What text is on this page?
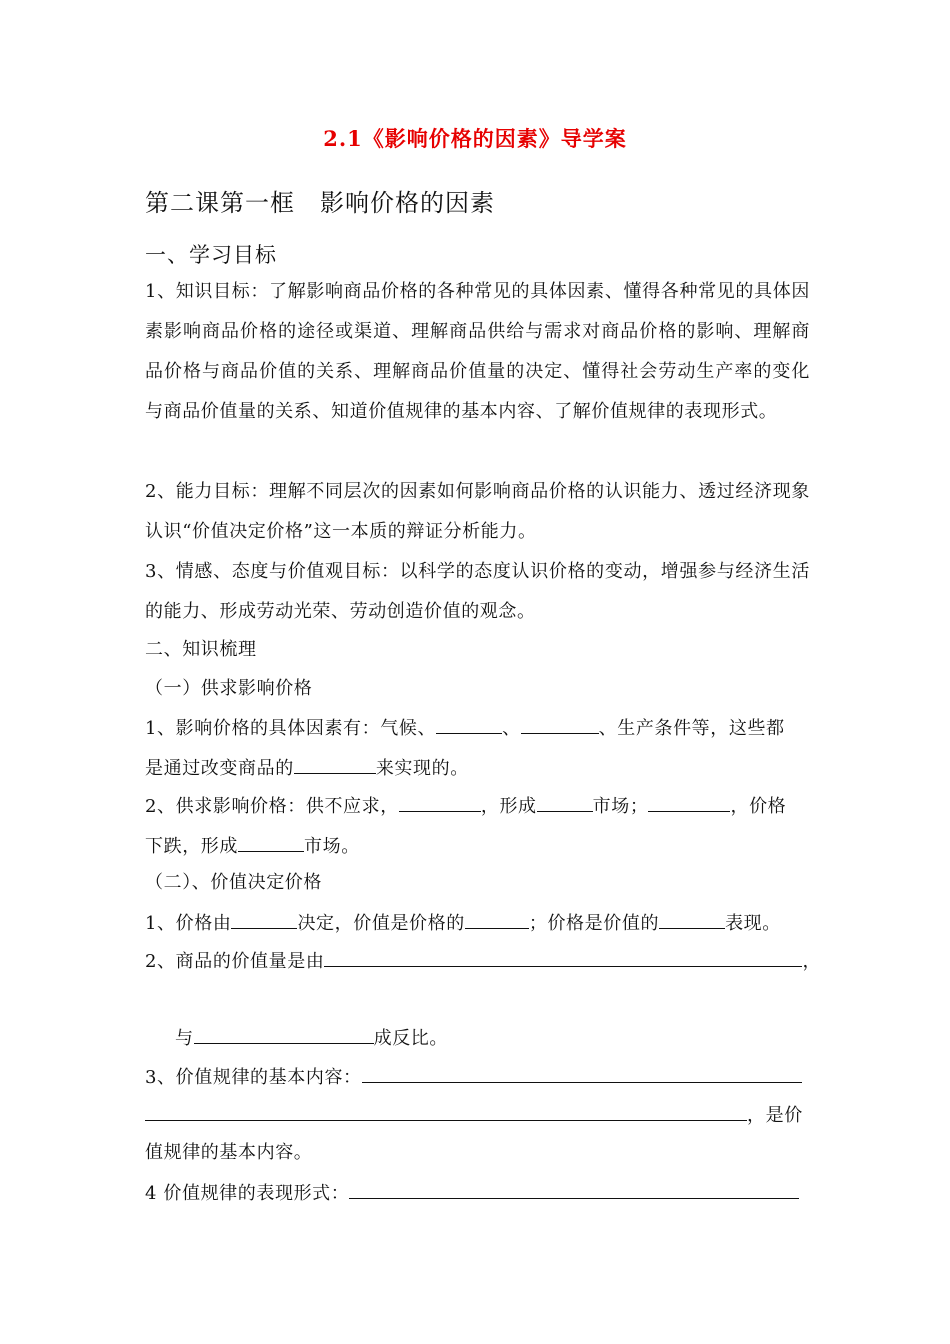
2.1《影响价格的因素》导学案
第二课第一框　影响价格的因素
一、学习目标
1、知识目标：了解影响商品价格的各种常见的具体因素、懂得各种常见的具体因素影响商品价格的途径或渠道、理解商品供给与需求对商品价格的影响、理解商品价格与商品价值的关系、理解商品价值量的决定、懂得社会劳动生产率的变化与商品价值量的关系、知道价值规律的基本内容、了解价值规律的表现形式。
2、能力目标：理解不同层次的因素如何影响商品价格的认识能力、透过经济现象认识“价值决定价格”这一本质的辩证分析能力。
3、情感、态度与价值观目标：以科学的态度认识价格的变动，增强参与经济生活的能力、形成劳动光荣、劳动创造价值的观念。
二、知识梳理
（一）供求影响价格
1、影响价格的具体因素有：气候、	、	、生产条件等，这些都
是通过改变商品的	来实现的。
2、供求影响价格：供不应求，	，形成	市场；	，价格
下跌，形成	市场。
（二）、价值决定价格
1、价格由	决定，价值是价格的	；价格是价值的	表现。
2、商品的价值量是由	，
与	成反比。
3、价值规律的基本内容：
，是价
值规律的基本内容。
4 价值规律的表现形式：
